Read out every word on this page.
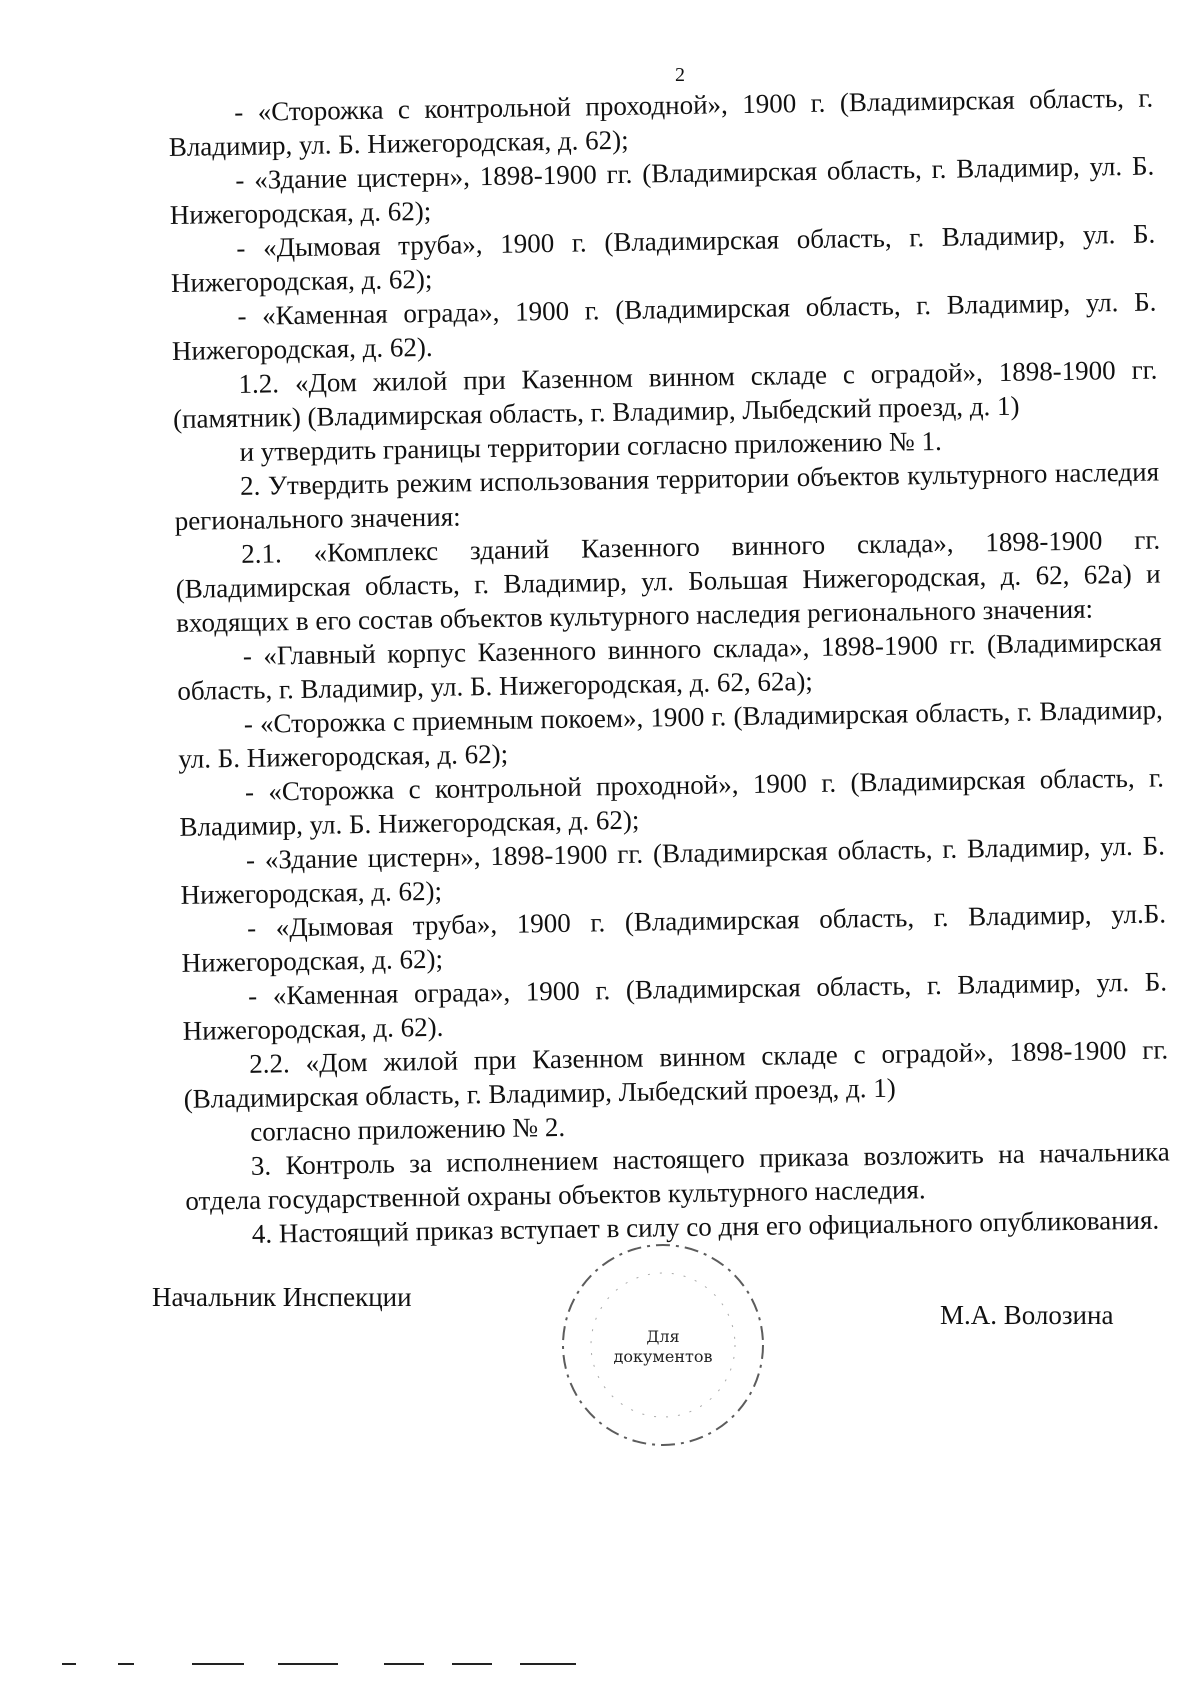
2

- «Сторожка с контрольной проходной», 1900 г. (Владимирская область, г. Владимир, ул. Б. Нижегородская, д. 62);

- «Здание цистерн», 1898-1900 гг. (Владимирская область, г. Владимир, ул. Б. Нижегородская, д. 62);

- «Дымовая труба», 1900 г. (Владимирская область, г. Владимир, ул. Б. Нижегородская, д. 62);

- «Каменная ограда», 1900 г. (Владимирская область, г. Владимир, ул. Б. Нижегородская, д. 62).

1.2. «Дом жилой при Казенном винном складе с оградой», 1898-1900 гг. (памятник) (Владимирская область, г. Владимир, Лыбедский проезд, д. 1)

и утвердить границы территории согласно приложению № 1.

2. Утвердить режим использования территории объектов культурного наследия регионального значения:

2.1. «Комплекс зданий Казенного винного склада», 1898-1900 гг. (Владимирская область, г. Владимир, ул. Большая Нижегородская, д. 62, 62а) и входящих в его состав объектов культурного наследия регионального значения:

- «Главный корпус Казенного винного склада», 1898-1900 гг. (Владимирская область, г. Владимир, ул. Б. Нижегородская, д. 62, 62а);

- «Сторожка с приемным покоем», 1900 г. (Владимирская область, г. Владимир, ул. Б. Нижегородская, д. 62);

- «Сторожка с контрольной проходной», 1900 г. (Владимирская область, г. Владимир, ул. Б. Нижегородская, д. 62);

- «Здание цистерн», 1898-1900 гг. (Владимирская область, г. Владимир, ул. Б. Нижегородская, д. 62);

- «Дымовая труба», 1900 г. (Владимирская область, г. Владимир, ул.Б. Нижегородская, д. 62);

- «Каменная ограда», 1900 г. (Владимирская область, г. Владимир, ул. Б. Нижегородская, д. 62).

2.2. «Дом жилой при Казенном винном складе с оградой», 1898-1900 гг. (Владимирская область, г. Владимир, Лыбедский проезд, д. 1)

согласно приложению № 2.

3. Контроль за исполнением настоящего приказа возложить на начальника отдела государственной охраны объектов культурного наследия.

4. Настоящий приказ вступает в силу со дня его официального опубликования.

Начальник Инспекции
М.А. Волозина
Для
документов
